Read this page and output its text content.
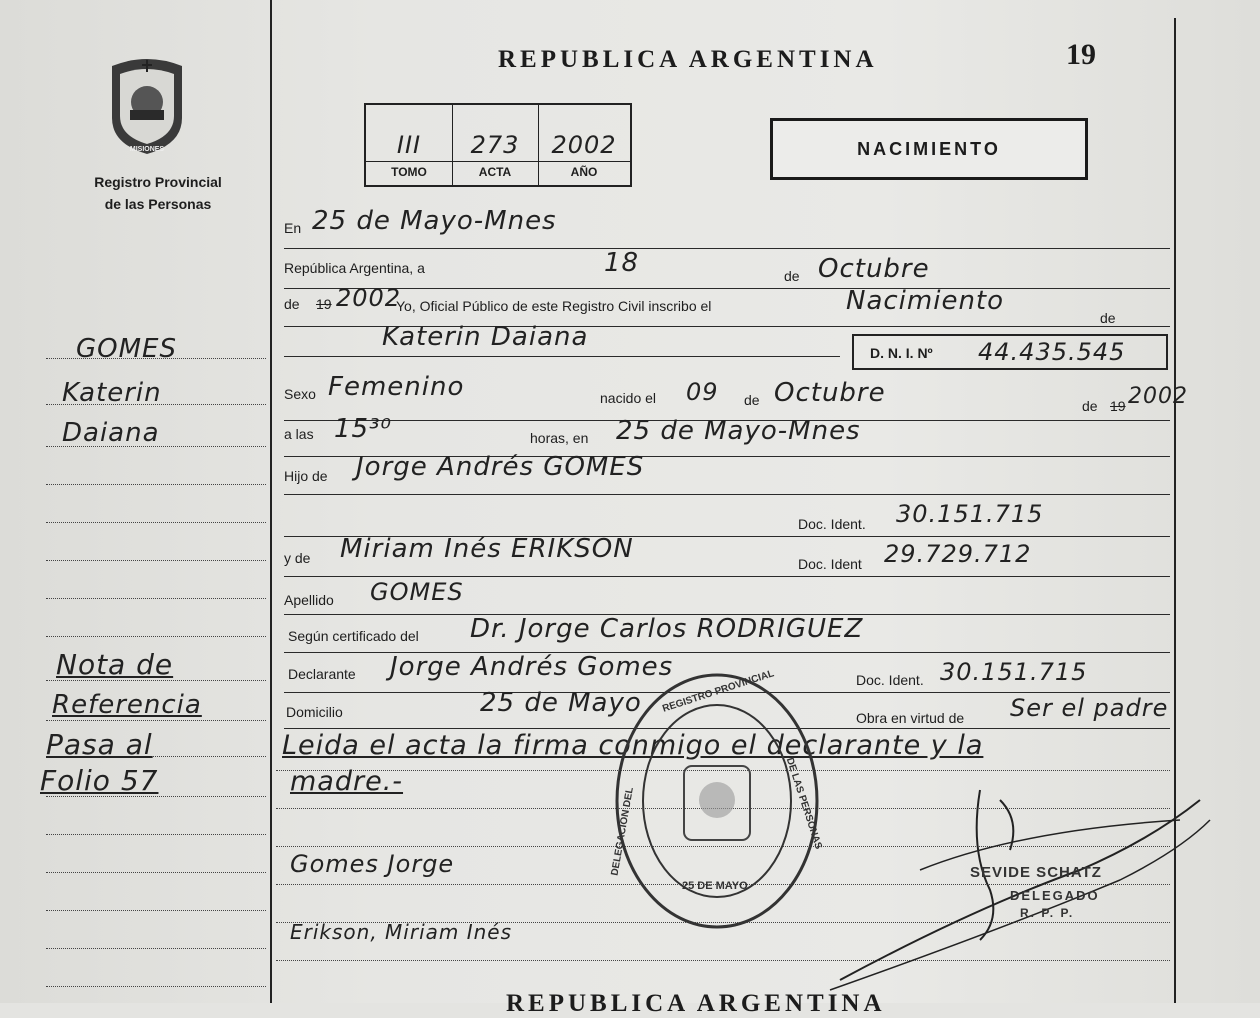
MISIONES
Registro Provincial
de las Personas
REPUBLICA ARGENTINA	19
III
TOMO
273
ACTA
2002
AÑO
NACIMIENTO
GOMES
Katerin
Daiana
Nota de
Referencia
Pasa al
Folio 57
En 25 de Mayo-Mnes
República Argentina, a	18	de Octubre
de 19 2002
Yo, Oficial Público de este Registro Civil inscribo el	Nacimiento
de
Katerin Daiana
D. N. I. Nº 44.435.545
Sexo Femenino	nacido el 09 de Octubre	de 19 2002
a las 15³⁰	horas, en 25 de Mayo-Mnes
Hijo de Jorge Andrés GOMES
Doc. Ident. 30.151.715
y de Miriam Inés ERIKSON	Doc. Ident 29.729.712
Apellido GOMES
Según certificado del Dr. Jorge Carlos RODRIGUEZ
Declarante Jorge Andrés Gomes	Doc. Ident. 30.151.715
Domicilio	25 de Mayo	Obra en virtud de Ser el padre
Leida el acta la firma conmigo el declarante y la
madre.-
Gomes Jorge
Erikson, Miriam Inés
REGISTRO PROVINCIAL
DE LAS PERSONAS
DELEGACION DEL
25 DE MAYO
SEVIDE SCHATZ
DELEGADO
R. P. P.
REPUBLICA ARGENTINA
